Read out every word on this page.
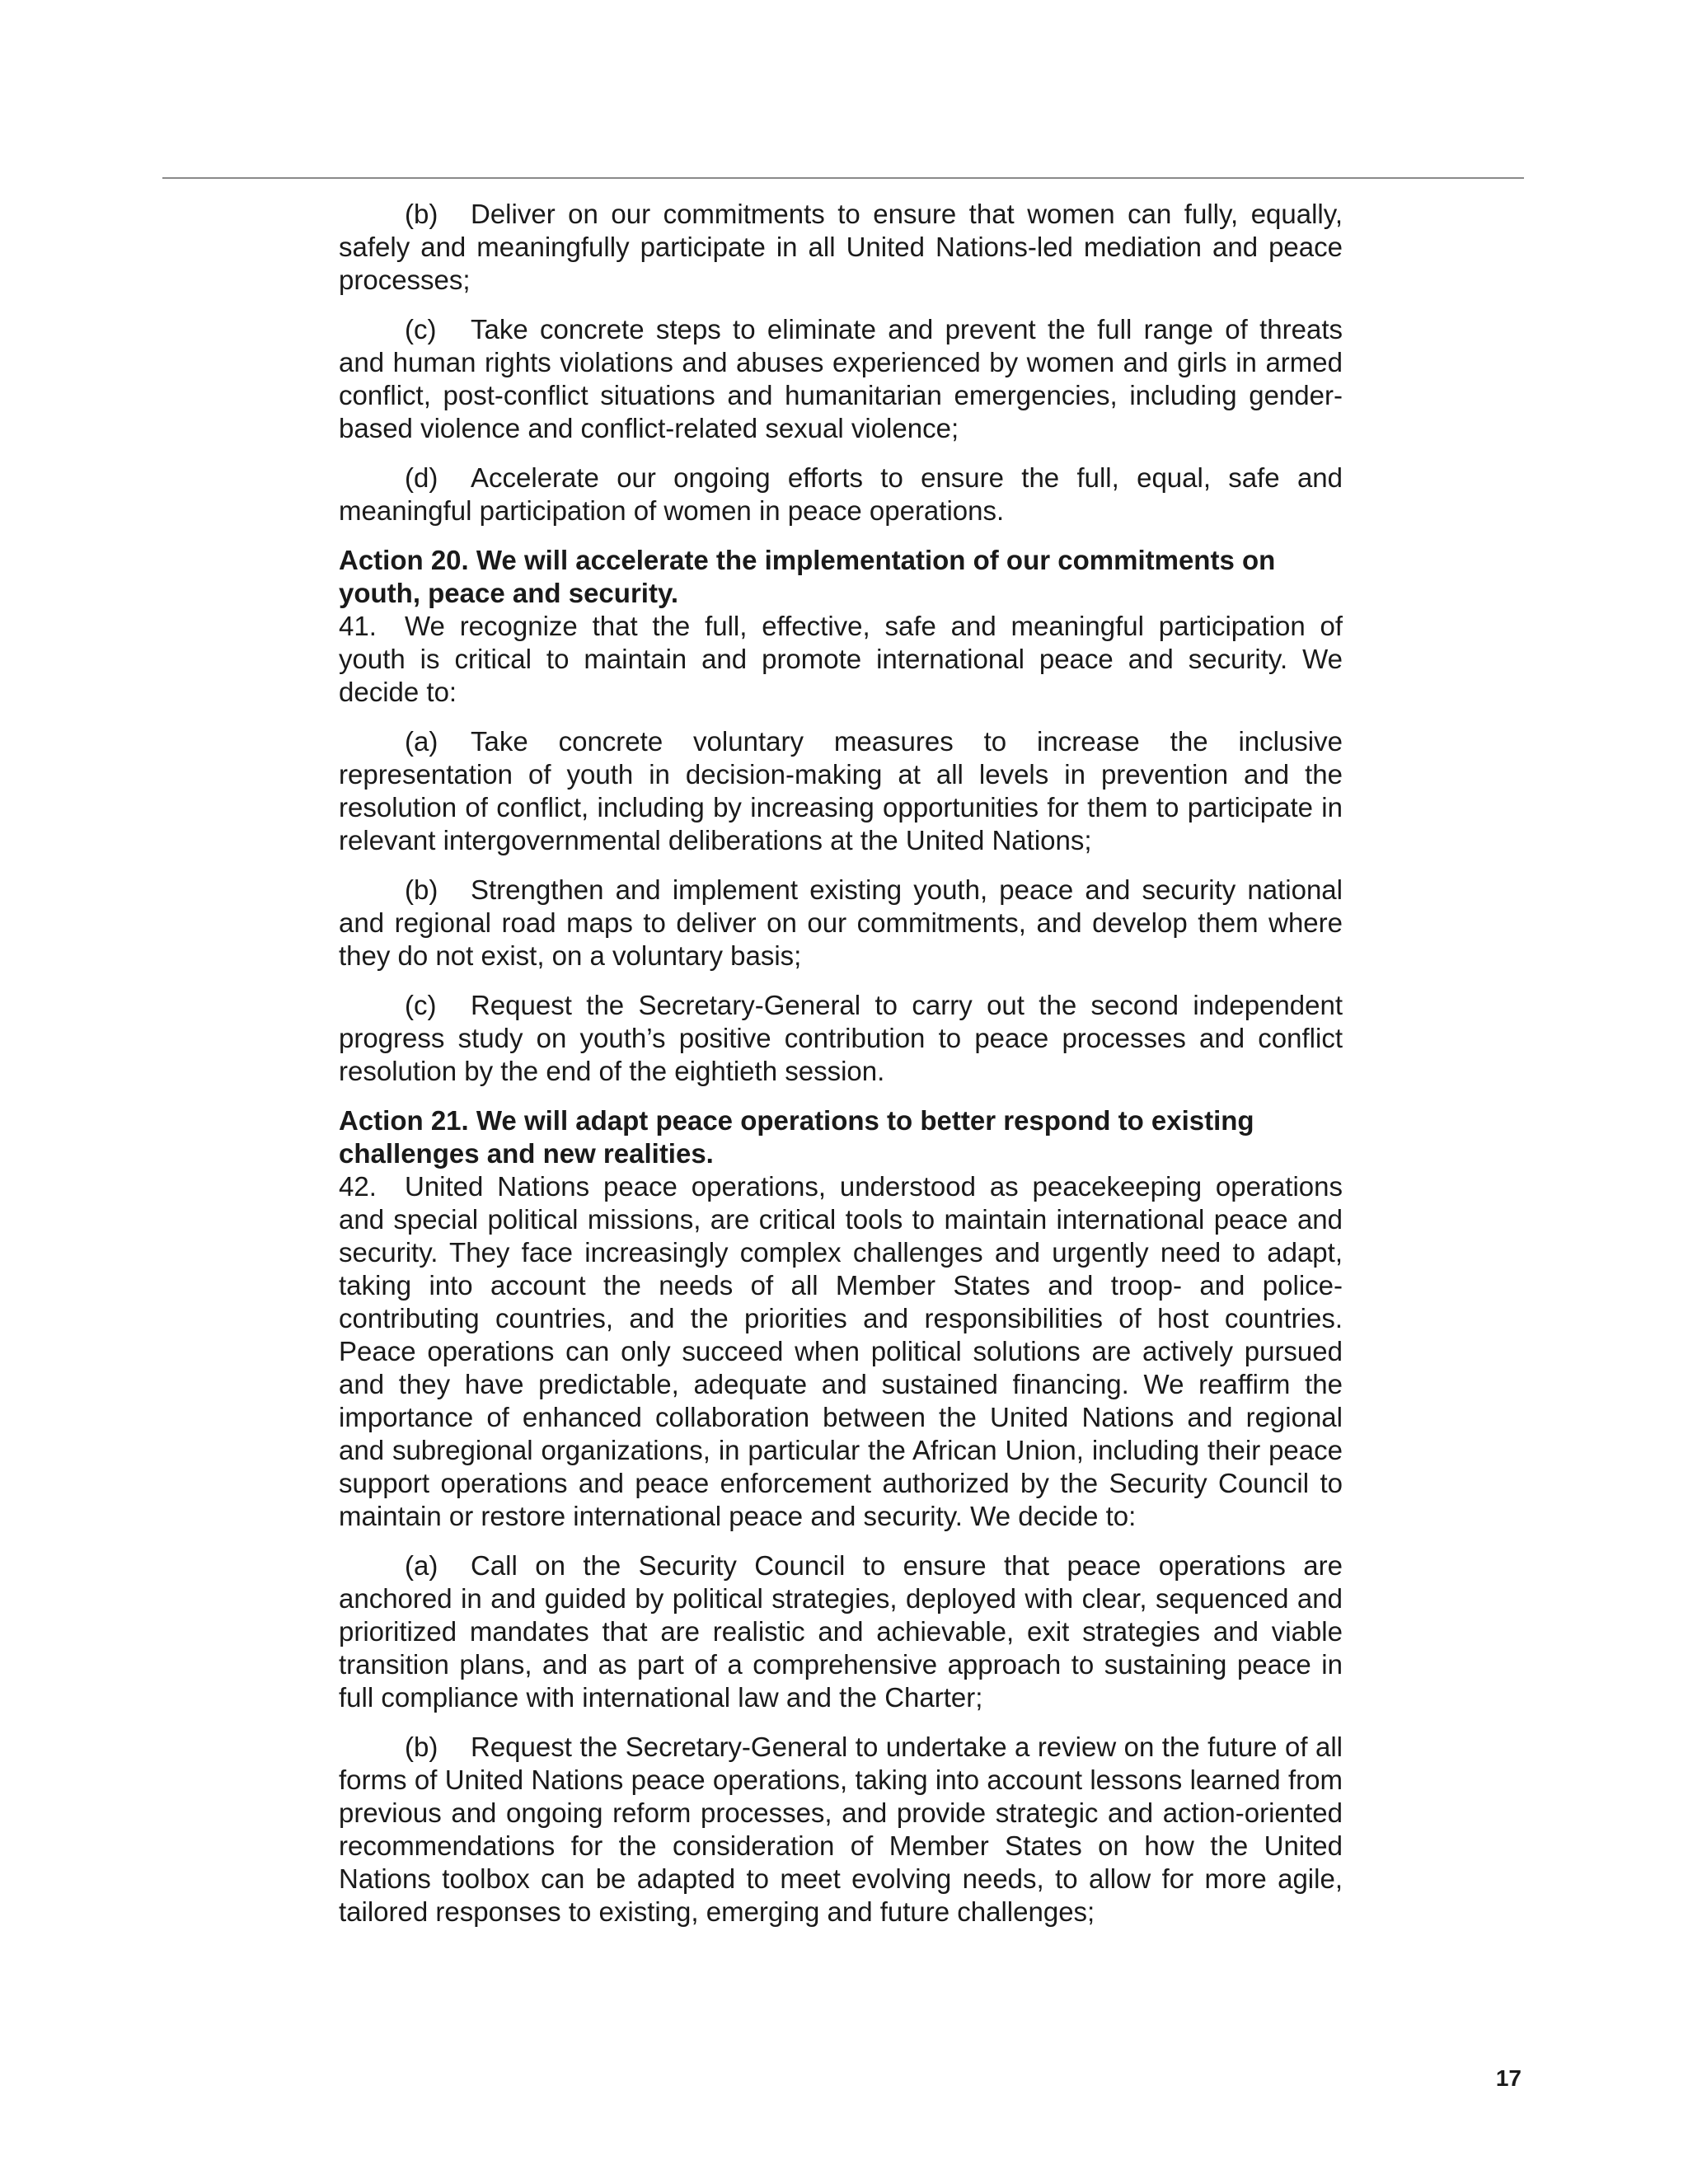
(b) Deliver on our commitments to ensure that women can fully, equally, safely and meaningfully participate in all United Nations-led mediation and peace processes;

(c) Take concrete steps to eliminate and prevent the full range of threats and human rights violations and abuses experienced by women and girls in armed conflict, post-conflict situations and humanitarian emergencies, including gender-based violence and conflict-related sexual violence;

(d) Accelerate our ongoing efforts to ensure the full, equal, safe and meaningful participation of women in peace operations.

Action 20. We will accelerate the implementation of our commitments on youth, peace and security.

41. We recognize that the full, effective, safe and meaningful participation of youth is critical to maintain and promote international peace and security. We decide to:

(a) Take concrete voluntary measures to increase the inclusive representation of youth in decision-making at all levels in prevention and the resolution of conflict, including by increasing opportunities for them to participate in relevant intergovernmental deliberations at the United Nations;

(b) Strengthen and implement existing youth, peace and security national and regional road maps to deliver on our commitments, and develop them where they do not exist, on a voluntary basis;

(c) Request the Secretary-General to carry out the second independent progress study on youth’s positive contribution to peace processes and conflict resolution by the end of the eightieth session.

Action 21. We will adapt peace operations to better respond to existing challenges and new realities.

42. United Nations peace operations, understood as peacekeeping operations and special political missions, are critical tools to maintain international peace and security. They face increasingly complex challenges and urgently need to adapt, taking into account the needs of all Member States and troop- and police-contributing countries, and the priorities and responsibilities of host countries. Peace operations can only succeed when political solutions are actively pursued and they have predictable, adequate and sustained financing. We reaffirm the importance of enhanced collaboration between the United Nations and regional and subregional organizations, in particular the African Union, including their peace support operations and peace enforcement authorized by the Security Council to maintain or restore international peace and security. We decide to:

(a) Call on the Security Council to ensure that peace operations are anchored in and guided by political strategies, deployed with clear, sequenced and prioritized mandates that are realistic and achievable, exit strategies and viable transition plans, and as part of a comprehensive approach to sustaining peace in full compliance with international law and the Charter;

(b) Request the Secretary-General to undertake a review on the future of all forms of United Nations peace operations, taking into account lessons learned from previous and ongoing reform processes, and provide strategic and action-oriented recommendations for the consideration of Member States on how the United Nations toolbox can be adapted to meet evolving needs, to allow for more agile, tailored responses to existing, emerging and future challenges;

17
